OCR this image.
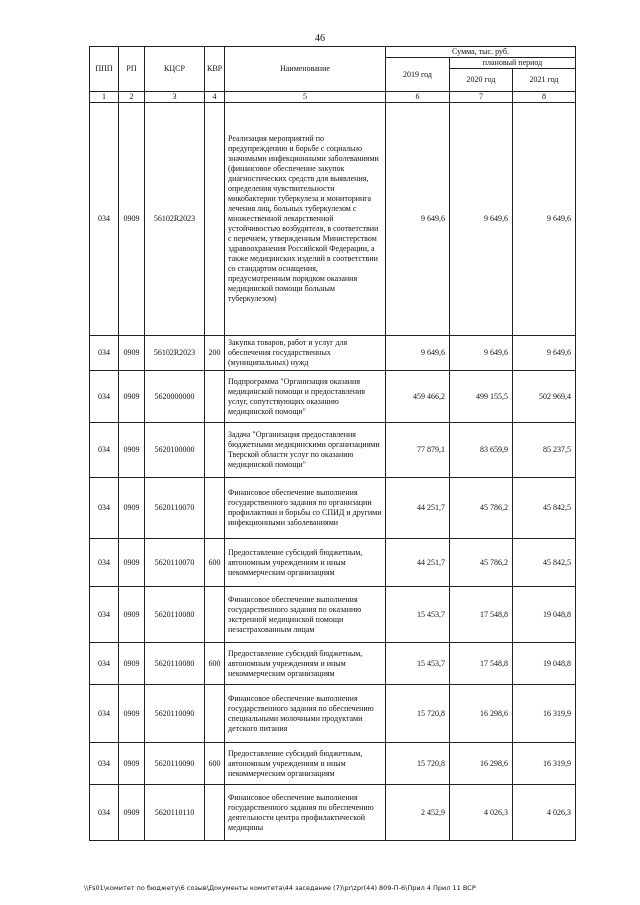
46
ППП	РП	КЦСР	КВР	Наименование	Сумма, тыс. руб.		
					2019 год	плановый период	
						2020 год	2021 год
1	2	3	4	5	6	7	8
034	0909	56102R2023		Реализация мероприятий по предупреждению и борьбе с социально значимыми инфекционными заболеваниями (финансовое обеспечение закупок диагностических средств для выявления, определения чувствительности микобактерии туберкулеза и мониторинга лечения лиц, больных туберкулезом с множественной лекарственной устойчивостью возбудителя, в соответствии с перечнем, утвержденным Министерством здравоохранения Российской Федерации, а также медицинских изделий в соответствии со стандартом оснащения, предусмотренным порядком оказания медицинской помощи больным туберкулезом)	9 649,6	9 649,6	9 649,6
034	0909	56102R2023	200	Закупка товаров, работ и услуг для обеспечения государственных (муниципальных) нужд	9 649,6	9 649,6	9 649,6
034	0909	5620000000		Подпрограмма "Организация оказания медицинской помощи и предоставления услуг, сопутствующих оказанию медицинской помощи"	459 466,2	499 155,5	502 969,4
034	0909	5620100000		Задача "Организация предоставления бюджетными медицинскими организациями Тверской области услуг по оказанию медицинской помощи"	77 879,1	83 659,9	85 237,5
034	0909	5620110070		Финансовое обеспечение выполнения государственного задания по организации профилактики и борьбы со СПИД и другими инфекционными заболеваниями	44 251,7	45 786,2	45 842,5
034	0909	5620110070	600	Предоставление субсидий бюджетным, автономным учреждениям и иным некоммерческим организациям	44 251,7	45 786,2	45 842,5
034	0909	5620110080		Финансовое обеспечение выполнения государственного задания по оказанию экстренной медицинской помощи незастрахованным лицам	15 453,7	17 548,8	19 048,8
034	0909	5620110080	600	Предоставление субсидий бюджетным, автономным учреждениям и иным некоммерческим организациям	15 453,7	17 548,8	19 048,8
034	0909	5620110090		Финансовое обеспечение выполнения государственного задания по обеспечению специальными молочными продуктами детского питания	15 720,8	16 298,6	16 319,9
034	0909	5620110090	600	Предоставление субсидий бюджетным, автономным учреждениям и иным некоммерческим организациям	15 720,8	16 298,6	16 319,9
034	0909	5620110110		Финансовое обеспечение выполнения государственного задания по обеспечению деятельности центра профилактической медицины	2 452,9	4 026,3	4 026,3
\\Fs01\комитет по бюджету\6 созыв\Документы комитета\44 заседание (7)\pr\zpr(44) 809-П-6\Прил 4 Прил 11 ВСР
